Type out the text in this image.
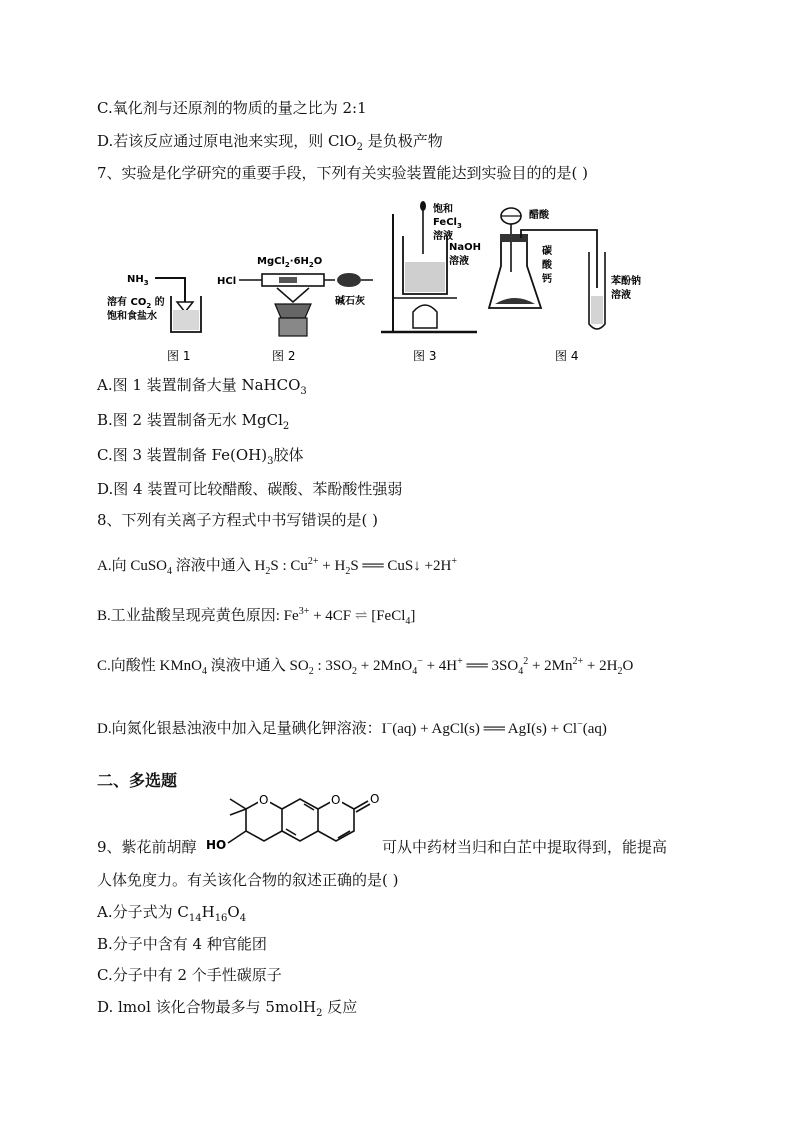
C.氧化剂与还原剂的物质的量之比为 2:1
D.若该反应通过原电池来实现，则 ClO$_2$ 是负极产物
7、实验是化学研究的重要手段，下列有关实验装置能达到实验目的的是( )
$NH_3$
溶有 $CO_2$ 的
饱和食盐水
图 1
HCl
$MgCl_2\cdot 6H_2O$
碱石灰
图 2
饱和
FeCl$_3$
溶液
NaOH
溶液
图 3
醋酸
碳
酸
钙	苯酚钠
溶液
图 4
A.图 1 装置制备大量 NaHCO$_3$
B.图 2 装置制备无水 MgCl$_2$
C.图 3 装置制备 $Fe(OH)_3$胶体
D.图 4 装置可比较醋酸、碳酸、苯酚酸性强弱
8、下列有关离子方程式中书写错误的是( )
A.向 CuSO$_4$ 溶液中通入 $H_2S$ : $Cu^{2+} + H_2S$ ══ CuS↓ +2H+
B.工业盐酸呈现亮黄色原因: $Fe^{3+} + 4CF$ ⇌ [FeCl$_4$]
C.向酸性 KMnO$_4$ 溴液中通入 $SO_2$ : $3SO_2 + 2MnO_4^- + 4H^+$ ══ $3SO_4^2 + 2Mn^{2+} + 2H_2O$
D.向氮化银悬浊液中加入足量碘化钾溶液：I−(aq) + AgCl(s) ══ AgI(s) + Cl−(aq)
二、多选题
O	O O
HO
9、紫花前胡醇	可从中药材当归和白芷中提取得到，能提高
人体免度力。有关该化合物的叙述正确的是( )
A.分子式为 $C_{14}H_{16}O_4$
B.分子中含有 4 种官能团
C.分子中有 2 个手性碳原子
D. lmol 该化合物最多与 5molH$_2$ 反应
